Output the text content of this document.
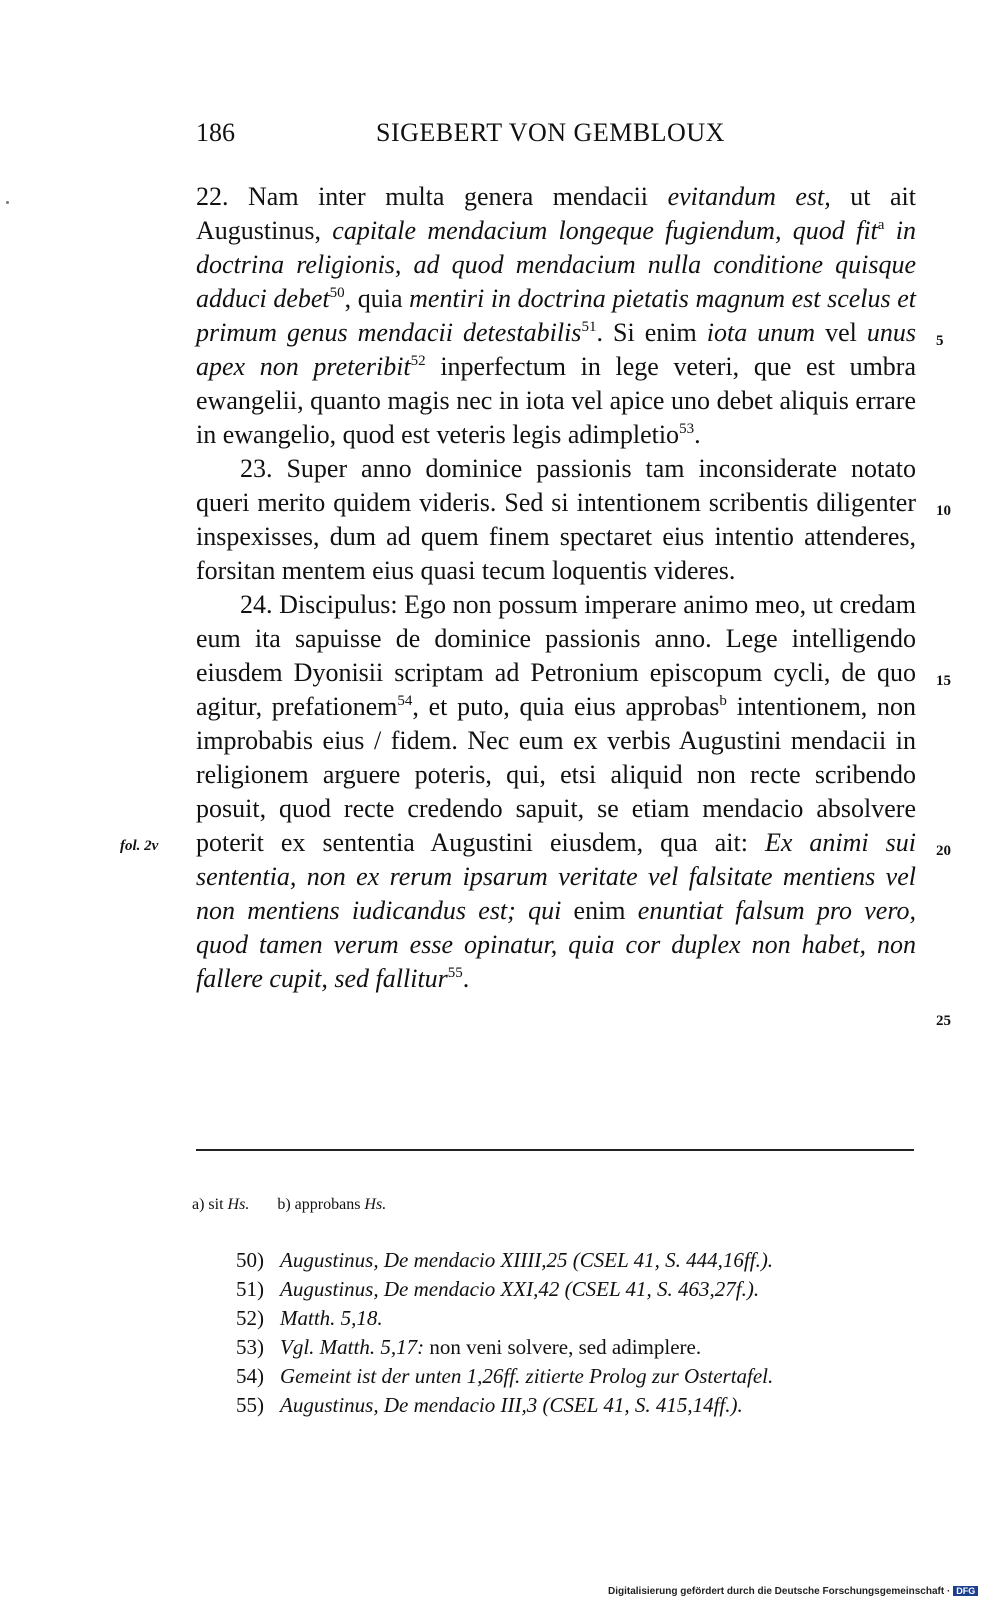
186	SIGEBERT VON GEMBLOUX

22. Nam inter multa genera mendacii evitandum est, ut ait Augustinus, capitale mendacium longeque fugiendum, quod fit$^a$ in doctrina religionis, ad quod mendacium nulla conditione quisque adduci debet$^{50}$, quia mentiri in doctrina pietatis magnum est scelus et primum genus mendacii detestabilis$^{51}$. Si enim iota unum vel unus apex non preteribit$^{52}$ inperfectum in lege veteri, que est umbra ewangelii, quanto magis nec in iota vel apice uno debet aliquis errare in ewangelio, quod est veteris legis adimpletio$^{53}$.

23. Super anno dominice passionis tam inconsiderate notato queri merito quidem videris. Sed si intentionem scribentis diligenter inspexisses, dum ad quem finem spectaret eius intentio attenderes, forsitan mentem eius quasi tecum loquentis videres.

24. Discipulus: Ego non possum imperare animo meo, ut credam eum ita sapuisse de dominice passionis anno. Lege intelligendo eiusdem Dyonisii scriptam ad Petronium episcopum cycli, de quo agitur, prefationem$^{54}$, et puto, quia eius approbas$^b$ intentionem, non improbabis eius / fidem. Nec eum ex verbis Augustini mendacii in religionem arguere poteris, qui, etsi aliquid non recte scribendo posuit, quod recte credendo sapuit, se etiam mendacio absolvere poterit ex sententia Augustini eiusdem, qua ait: Ex animi sui sententia, non ex rerum ipsarum veritate vel falsitate mentiens vel non mentiens iudicandus est; qui enim enuntiat falsum pro vero, quod tamen verum esse opinatur, quia cor duplex non habet, non fallere cupit, sed fallitur$^{55}$.

5
10
15
20
25
fol. 2v
a) sit Hs. b) approbans Hs.
50) Augustinus, De mendacio XIIII,25 (CSEL 41, S. 444,16ff.).
51) Augustinus, De mendacio XXI,42 (CSEL 41, S. 463,27f.).
52) Matth. 5,18.
53) Vgl. Matth. 5,17: non veni solvere, sed adimplere.
54) Gemeint ist der unten 1,26ff. zitierte Prolog zur Ostertafel.
55) Augustinus, De mendacio III,3 (CSEL 41, S. 415,14ff.).
Digitalisierung gefördert durch die Deutsche Forschungsgemeinschaft · DFG
